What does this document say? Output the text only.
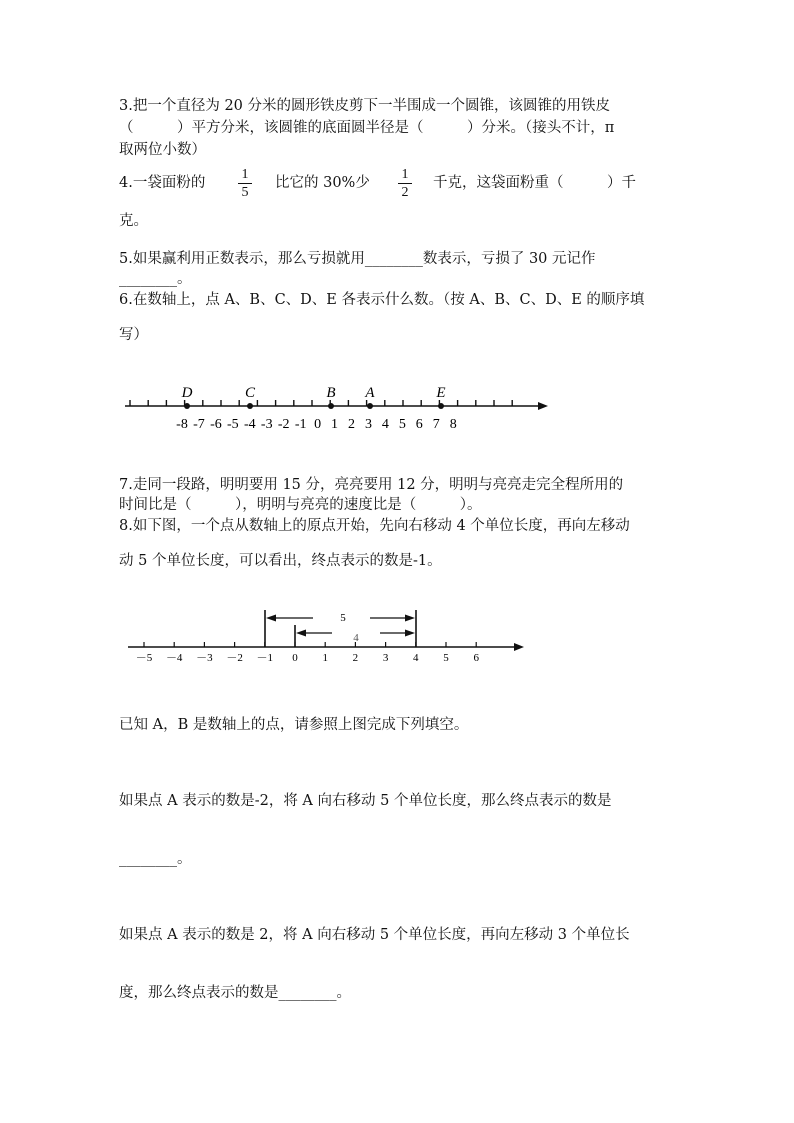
3.把一个直径为 20 分米的圆形铁皮剪下一半围成一个圆锥，该圆锥的用铁皮
（　　　）平方分米，该圆锥的底面圆半径是（　　　）分米。（接头不计，π
取两位小数）
4.一袋面粉的
1
5
比它的 30%少
1
2
千克，这袋面粉重（　　　）千
克。
5.如果赢利用正数表示，那么亏损就用________数表示，亏损了 30 元记作
________。
6.在数轴上，点 A、B、C、D、E 各表示什么数。（按 A、B、C、D、E 的顺序填
写）
-8 -7 -6 -5 -4 -3 -2 -1 0 1 2 3 4 5 6 7 8
D	C	B A	E
7.走同一段路，明明要用 15 分，亮亮要用 12 分，明明与亮亮走完全程所用的
时间比是（　　　），明明与亮亮的速度比是（　　　）。
8.如下图，一个点从数轴上的原点开始，先向右移动 4 个单位长度，再向左移动
动 5 个单位长度，可以看出，终点表示的数是-1。
5
4
－5 －4 －3 －2 －1 0 1 2 3 4 5 6
已知 A，B 是数轴上的点，请参照上图完成下列填空。
如果点 A 表示的数是-2，将 A 向右移动 5 个单位长度，那么终点表示的数是
________。
如果点 A 表示的数是 2，将 A 向右移动 5 个单位长度，再向左移动 3 个单位长
度，那么终点表示的数是________。
